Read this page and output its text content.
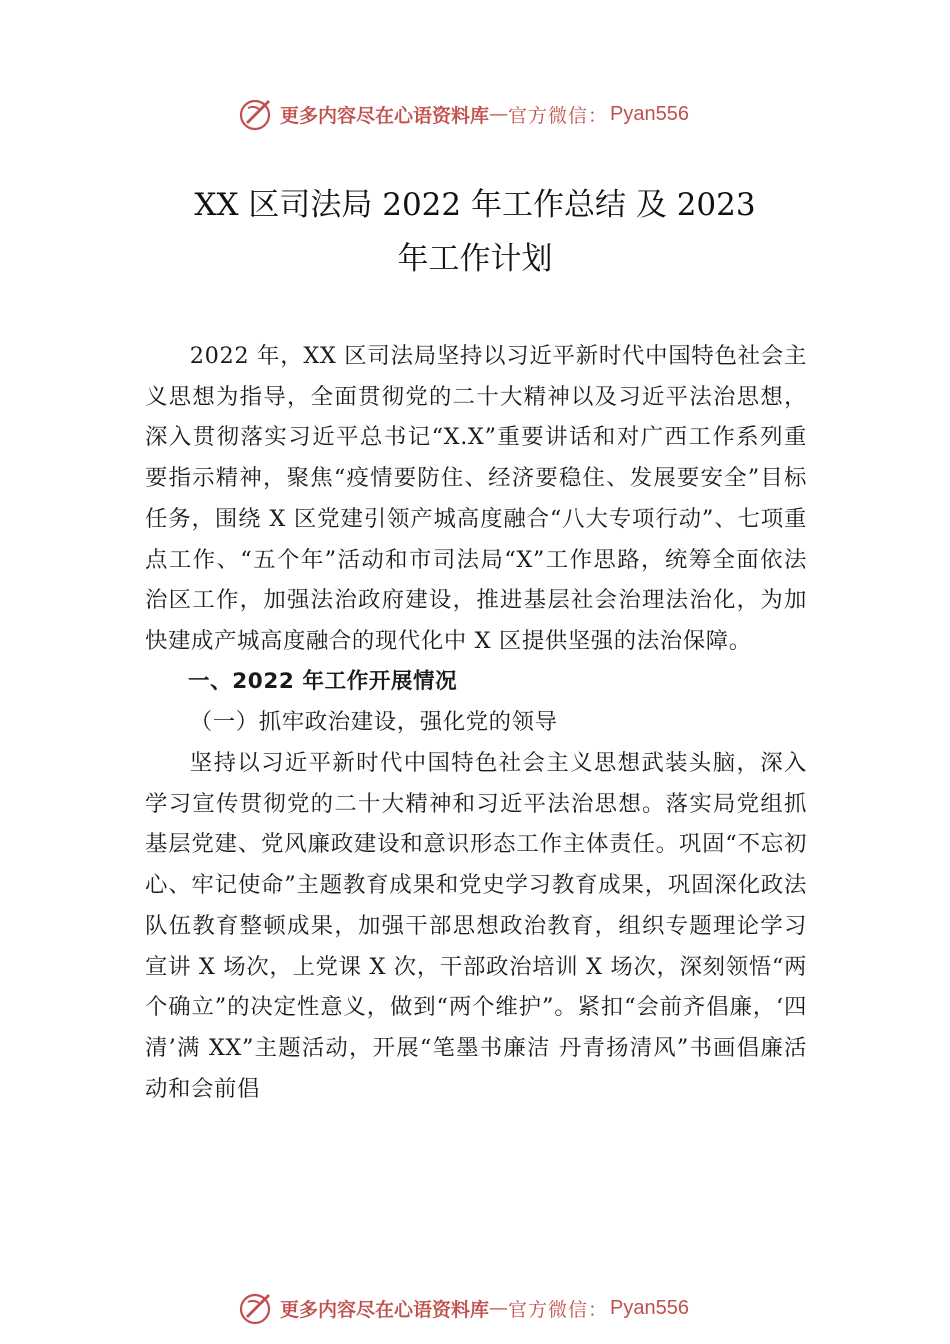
更多内容尽在心语资料库 — 官方微信： Pyan556
XX 区司法局 2022 年工作总结 及 2023
年工作计划

2022 年，XX 区司法局坚持以习近平新时代中国特色社会主义思想为指导，全面贯彻党的二十大精神以及习近平法治思想，深入贯彻落实习近平总书记“X.X”重要讲话和对广西工作系列重要指示精神，聚焦“疫情要防住、经济要稳住、发展要安全”目标任务，围绕 X 区党建引领产城高度融合“八大专项行动”、七项重点工作、“五个年”活动和市司法局“X”工作思路，统筹全面依法治区工作，加强法治政府建设，推进基层社会治理法治化，为加快建成产城高度融合的现代化中 X 区提供坚强的法治保障。

一、2022 年工作开展情况

（一）抓牢政治建设，强化党的领导

坚持以习近平新时代中国特色社会主义思想武装头脑，深入学习宣传贯彻党的二十大精神和习近平法治思想。落实局党组抓基层党建、党风廉政建设和意识形态工作主体责任。巩固“不忘初心、牢记使命”主题教育成果和党史学习教育成果，巩固深化政法队伍教育整顿成果，加强干部思想政治教育，组织专题理论学习宣讲 X 场次，上党课 X 次，干部政治培训 X 场次，深刻领悟“两个确立”的决定性意义，做到“两个维护”。紧扣“会前齐倡廉，‘四清’满 XX”主题活动，开展“笔墨书廉洁 丹青扬清风”书画倡廉活动和会前倡

更多内容尽在心语资料库 — 官方微信： Pyan556
